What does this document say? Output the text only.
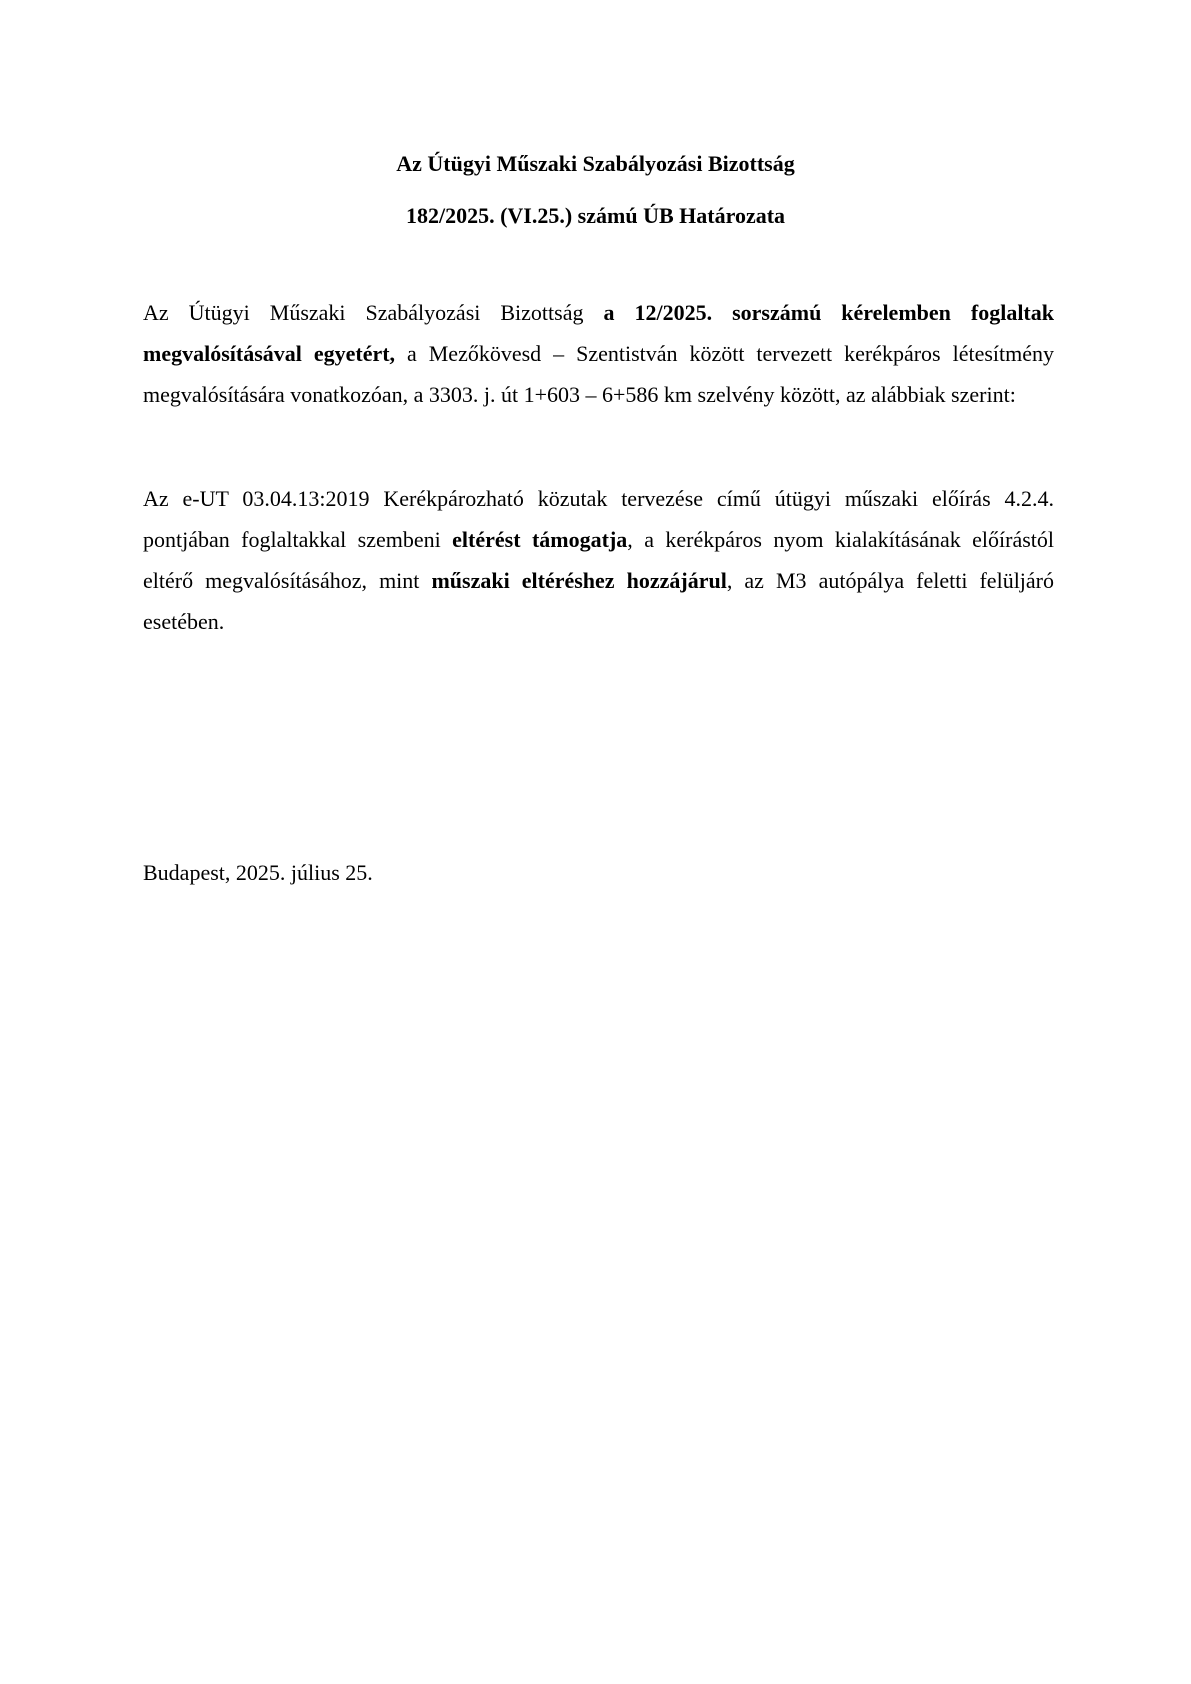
Az Útügyi Műszaki Szabályozási Bizottság
182/2025. (VI.25.) számú ÚB Határozata

Az Útügyi Műszaki Szabályozási Bizottság a 12/2025. sorszámú kérelemben foglaltak megvalósításával egyetért, a Mezőkövesd – Szentistván között tervezett kerékpáros létesítmény megvalósítására vonatkozóan, a 3303. j. út 1+603 – 6+586 km szelvény között, az alábbiak szerint:

Az e-UT 03.04.13:2019 Kerékpározható közutak tervezése című útügyi műszaki előírás 4.2.4. pontjában foglaltakkal szembeni eltérést támogatja, a kerékpáros nyom kialakításának előírástól eltérő megvalósításához, mint műszaki eltéréshez hozzájárul, az M3 autópálya feletti felüljáró esetében.

Budapest, 2025. július 25.
